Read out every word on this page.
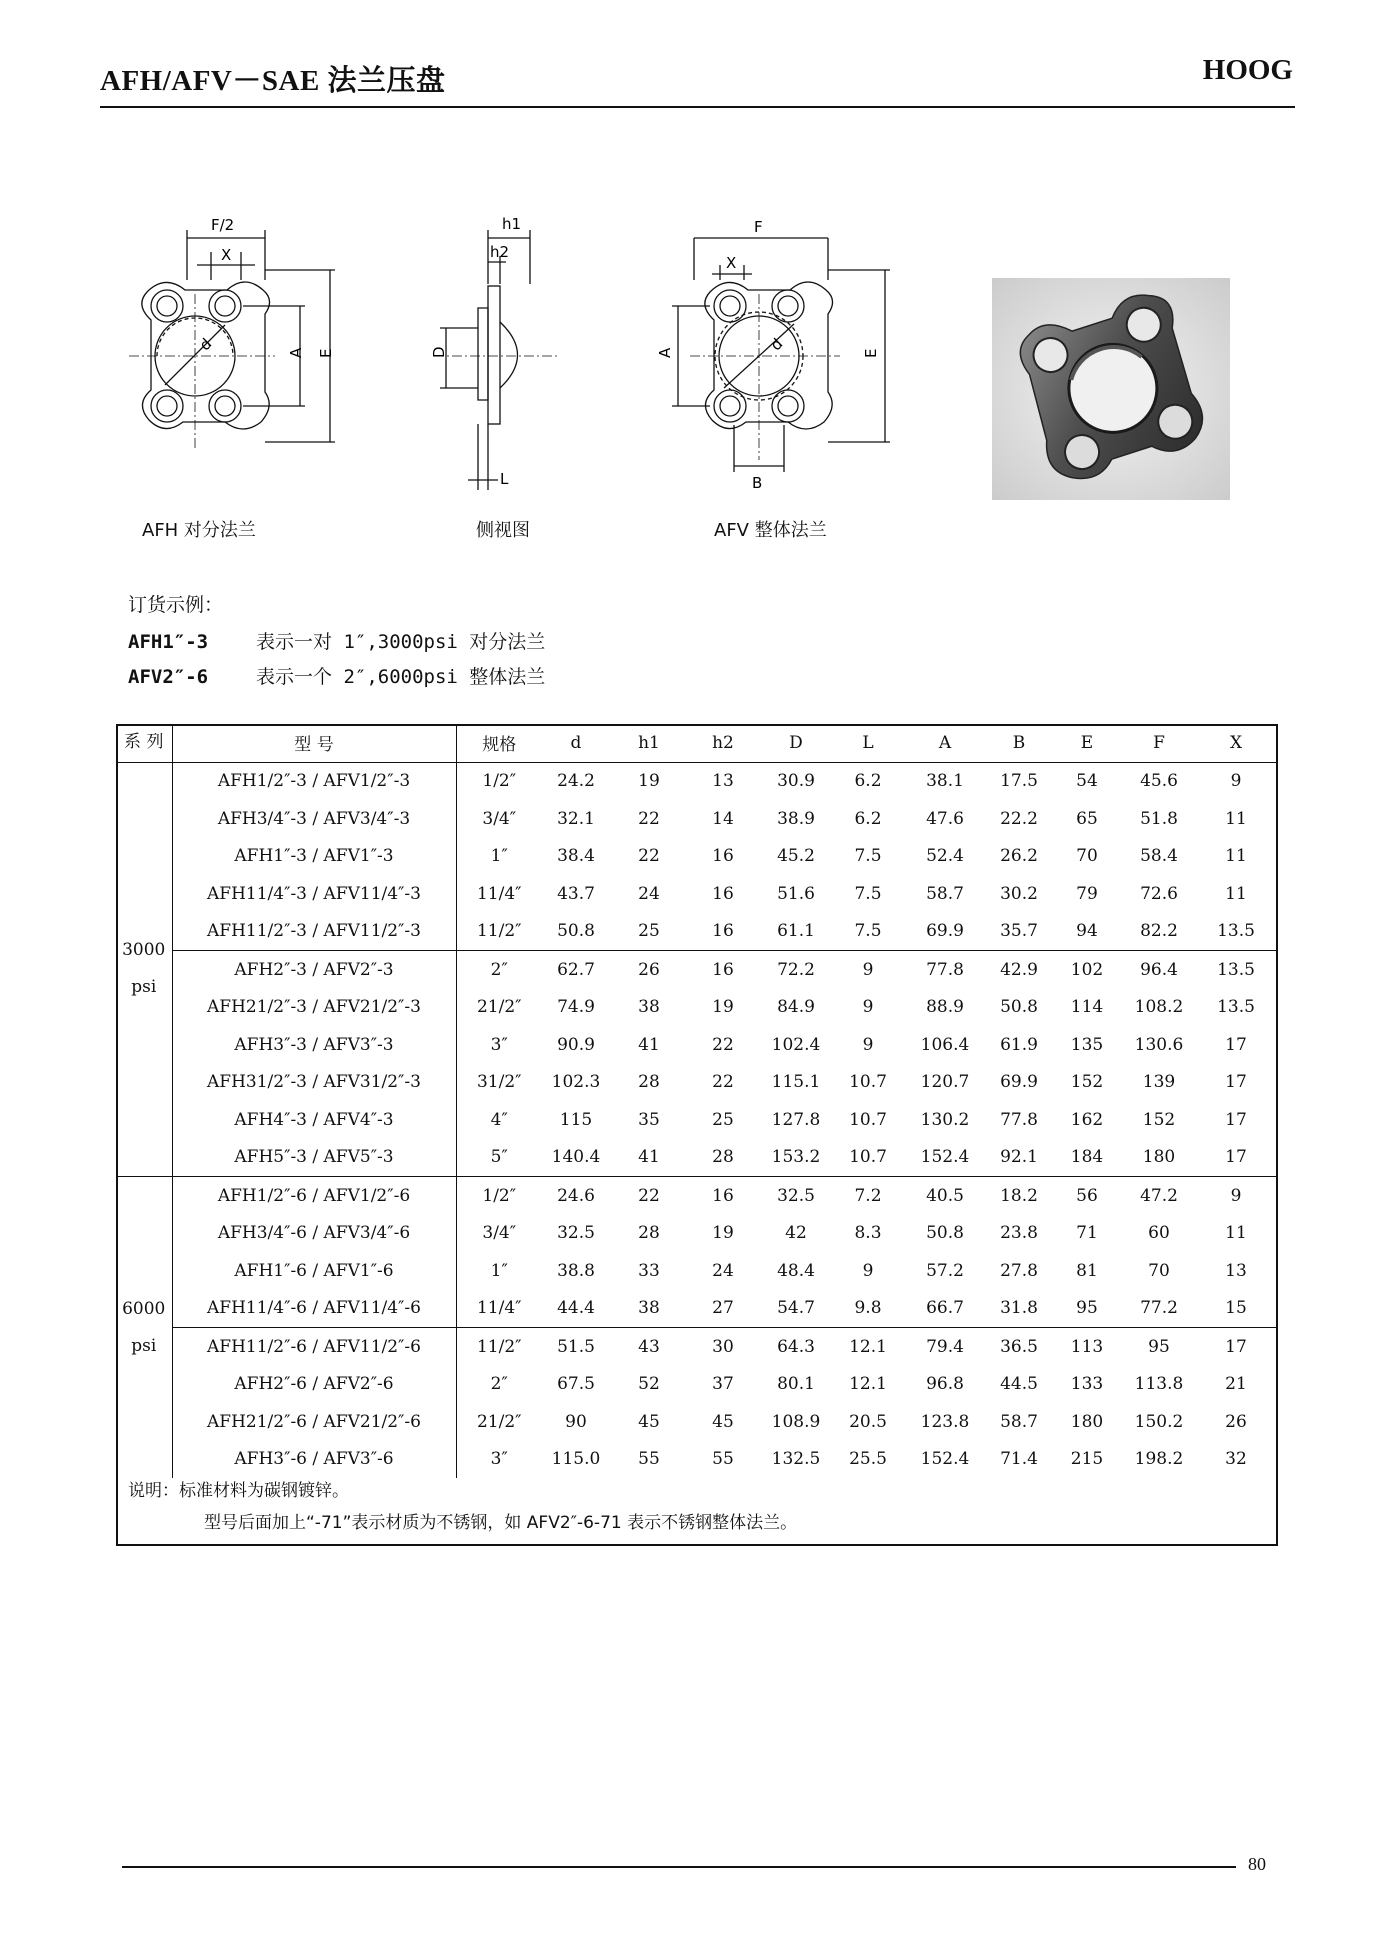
AFH/AFV－SAE 法兰压盘	HOOG
F/2
X
d	A E
AFH 对分法兰
h1
h2
D
L
侧视图
F
X
d
A	E
B
AFV 整体法兰
订货示例：
AFH1″-3	表示一对 1″,3000psi 对分法兰
AFV2″-6	表示一个 2″,6000psi 整体法兰
系 列	型 号	规格	d	h1	h2	D	L	A	B	E	F	X
3000 psi	AFH1/2″-3 / AFV1/2″-3	1/2″	24.2	19	13	30.9	6.2	38.1	17.5	54	45.6	9
	AFH3/4″-3 / AFV3/4″-3	3/4″	32.1	22	14	38.9	6.2	47.6	22.2	65	51.8	11
	AFH1″-3 / AFV1″-3	1″	38.4	22	16	45.2	7.5	52.4	26.2	70	58.4	11
	AFH11/4″-3 / AFV11/4″-3	11/4″	43.7	24	16	51.6	7.5	58.7	30.2	79	72.6	11
	AFH11/2″-3 / AFV11/2″-3	11/2″	50.8	25	16	61.1	7.5	69.9	35.7	94	82.2	13.5
	AFH2″-3 / AFV2″-3	2″	62.7	26	16	72.2	9	77.8	42.9	102	96.4	13.5
	AFH21/2″-3 / AFV21/2″-3	21/2″	74.9	38	19	84.9	9	88.9	50.8	114	108.2	13.5
	AFH3″-3 / AFV3″-3	3″	90.9	41	22	102.4	9	106.4	61.9	135	130.6	17
	AFH31/2″-3 / AFV31/2″-3	31/2″	102.3	28	22	115.1	10.7	120.7	69.9	152	139	17
	AFH4″-3 / AFV4″-3	4″	115	35	25	127.8	10.7	130.2	77.8	162	152	17
	AFH5″-3 / AFV5″-3	5″	140.4	41	28	153.2	10.7	152.4	92.1	184	180	17
6000 psi	AFH1/2″-6 / AFV1/2″-6	1/2″	24.6	22	16	32.5	7.2	40.5	18.2	56	47.2	9
	AFH3/4″-6 / AFV3/4″-6	3/4″	32.5	28	19	42	8.3	50.8	23.8	71	60	11
	AFH1″-6 / AFV1″-6	1″	38.8	33	24	48.4	9	57.2	27.8	81	70	13
	AFH11/4″-6 / AFV11/4″-6	11/4″	44.4	38	27	54.7	9.8	66.7	31.8	95	77.2	15
	AFH11/2″-6 / AFV11/2″-6	11/2″	51.5	43	30	64.3	12.1	79.4	36.5	113	95	17
	AFH2″-6 / AFV2″-6	2″	67.5	52	37	80.1	12.1	96.8	44.5	133	113.8	21
	AFH21/2″-6 / AFV21/2″-6	21/2″	90	45	45	108.9	20.5	123.8	58.7	180	150.2	26
	AFH3″-6 / AFV3″-6	3″	115.0	55	55	132.5	25.5	152.4	71.4	215	198.2	32
说明：标准材料为碳钢镀锌。
型号后面加上“-71”表示材质为不锈钢，如 AFV2″-6-71 表示不锈钢整体法兰。
80
